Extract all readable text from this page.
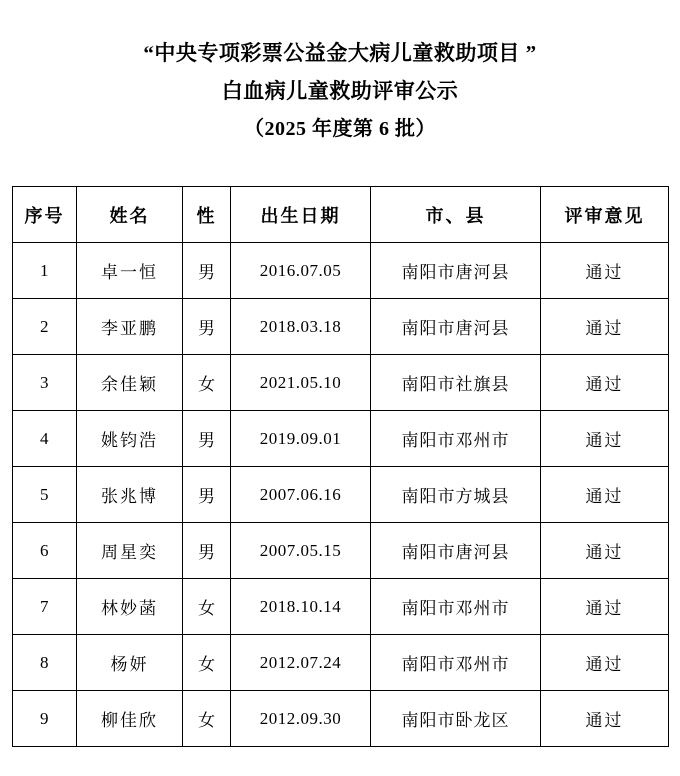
“中央专项彩票公益金大病儿童救助项目 ”
白血病儿童救助评审公示
（2025 年度第 6 批）
序号	姓名	性	出生日期	市、县	评审意见
1	卓一恒	男	2016.07.05	南阳市唐河县	通过
2	李亚鹏	男	2018.03.18	南阳市唐河县	通过
3	余佳颖	女	2021.05.10	南阳市社旗县	通过
4	姚钧浩	男	2019.09.01	南阳市邓州市	通过
5	张兆博	男	2007.06.16	南阳市方城县	通过
6	周星奕	男	2007.05.15	南阳市唐河县	通过
7	林妙菡	女	2018.10.14	南阳市邓州市	通过
8	杨妍	女	2012.07.24	南阳市邓州市	通过
9	柳佳欣	女	2012.09.30	南阳市卧龙区	通过
